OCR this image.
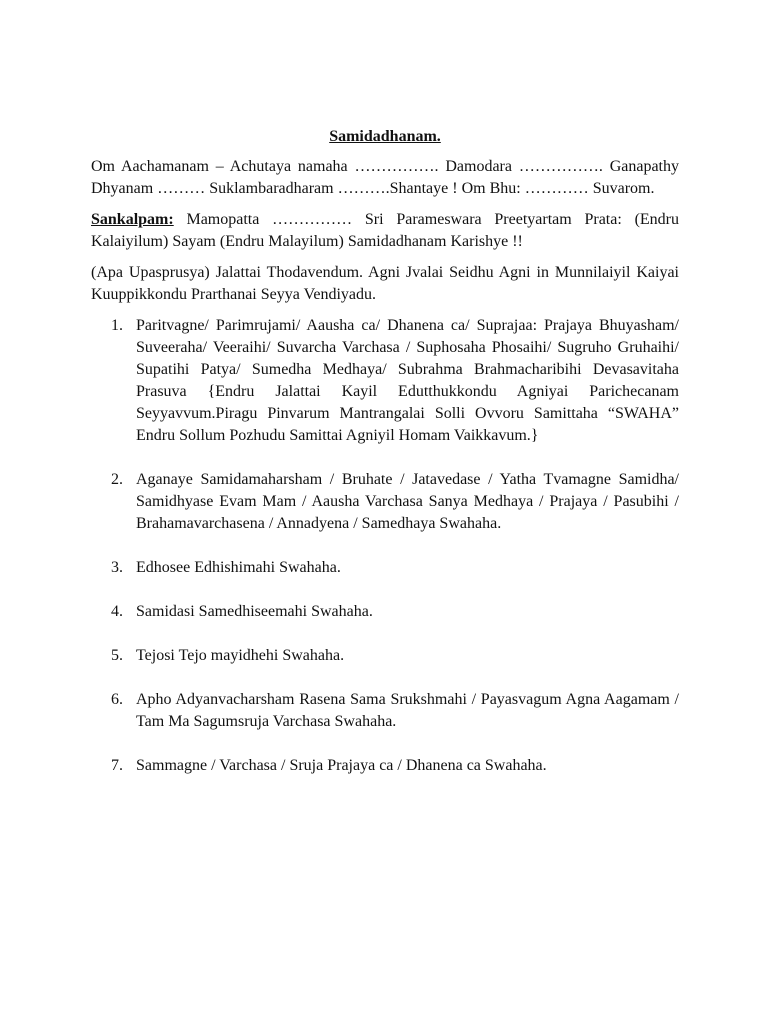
Samidadhanam.

Om Aachamanam – Achutaya namaha ……………. Damodara ……………. Ganapathy Dhyanam ……… Suklambaradharam ……….Shantaye ! Om Bhu: ………… Suvarom.

Sankalpam: Mamopatta …………… Sri Parameswara Preetyartam Prata: (Endru Kalaiyilum) Sayam (Endru Malayilum) Samidadhanam Karishye !!

(Apa Upasprusya) Jalattai Thodavendum. Agni Jvalai Seidhu Agni in Munnilaiyil Kaiyai Kuuppikkondu Prarthanai Seyya Vendiyadu.

1. Paritvagne/ Parimrujami/ Aausha ca/ Dhanena ca/ Suprajaa: Prajaya Bhuyasham/ Suveeraha/ Veeraihi/ Suvarcha Varchasa / Suphosaha Phosaihi/ Sugruho Gruhaihi/ Supatihi Patya/ Sumedha Medhaya/ Subrahma Brahmacharibihi Devasavitaha Prasuva {Endru Jalattai Kayil Edutthukkondu Agniyai Parichecanam Seyyavvum.Piragu Pinvarum Mantrangalai Solli Ovvoru Samittaha “SWAHA” Endru Sollum Pozhudu Samittai Agniyil Homam Vaikkavum.}
2. Aganaye Samidamaharsham / Bruhate / Jatavedase / Yatha Tvamagne Samidha/ Samidhyase Evam Mam / Aausha Varchasa Sanya Medhaya / Prajaya / Pasubihi / Brahamavarchasena / Annadyena / Samedhaya Swahaha.
3. Edhosee Edhishimahi Swahaha.
4. Samidasi Samedhiseemahi Swahaha.
5. Tejosi Tejo mayidhehi Swahaha.
6. Apho Adyanvacharsham Rasena Sama Srukshmahi / Payasvagum Agna Aagamam / Tam Ma Sagumsruja Varchasa Swahaha.
7. Sammagne / Varchasa / Sruja Prajaya ca / Dhanena ca Swahaha.
